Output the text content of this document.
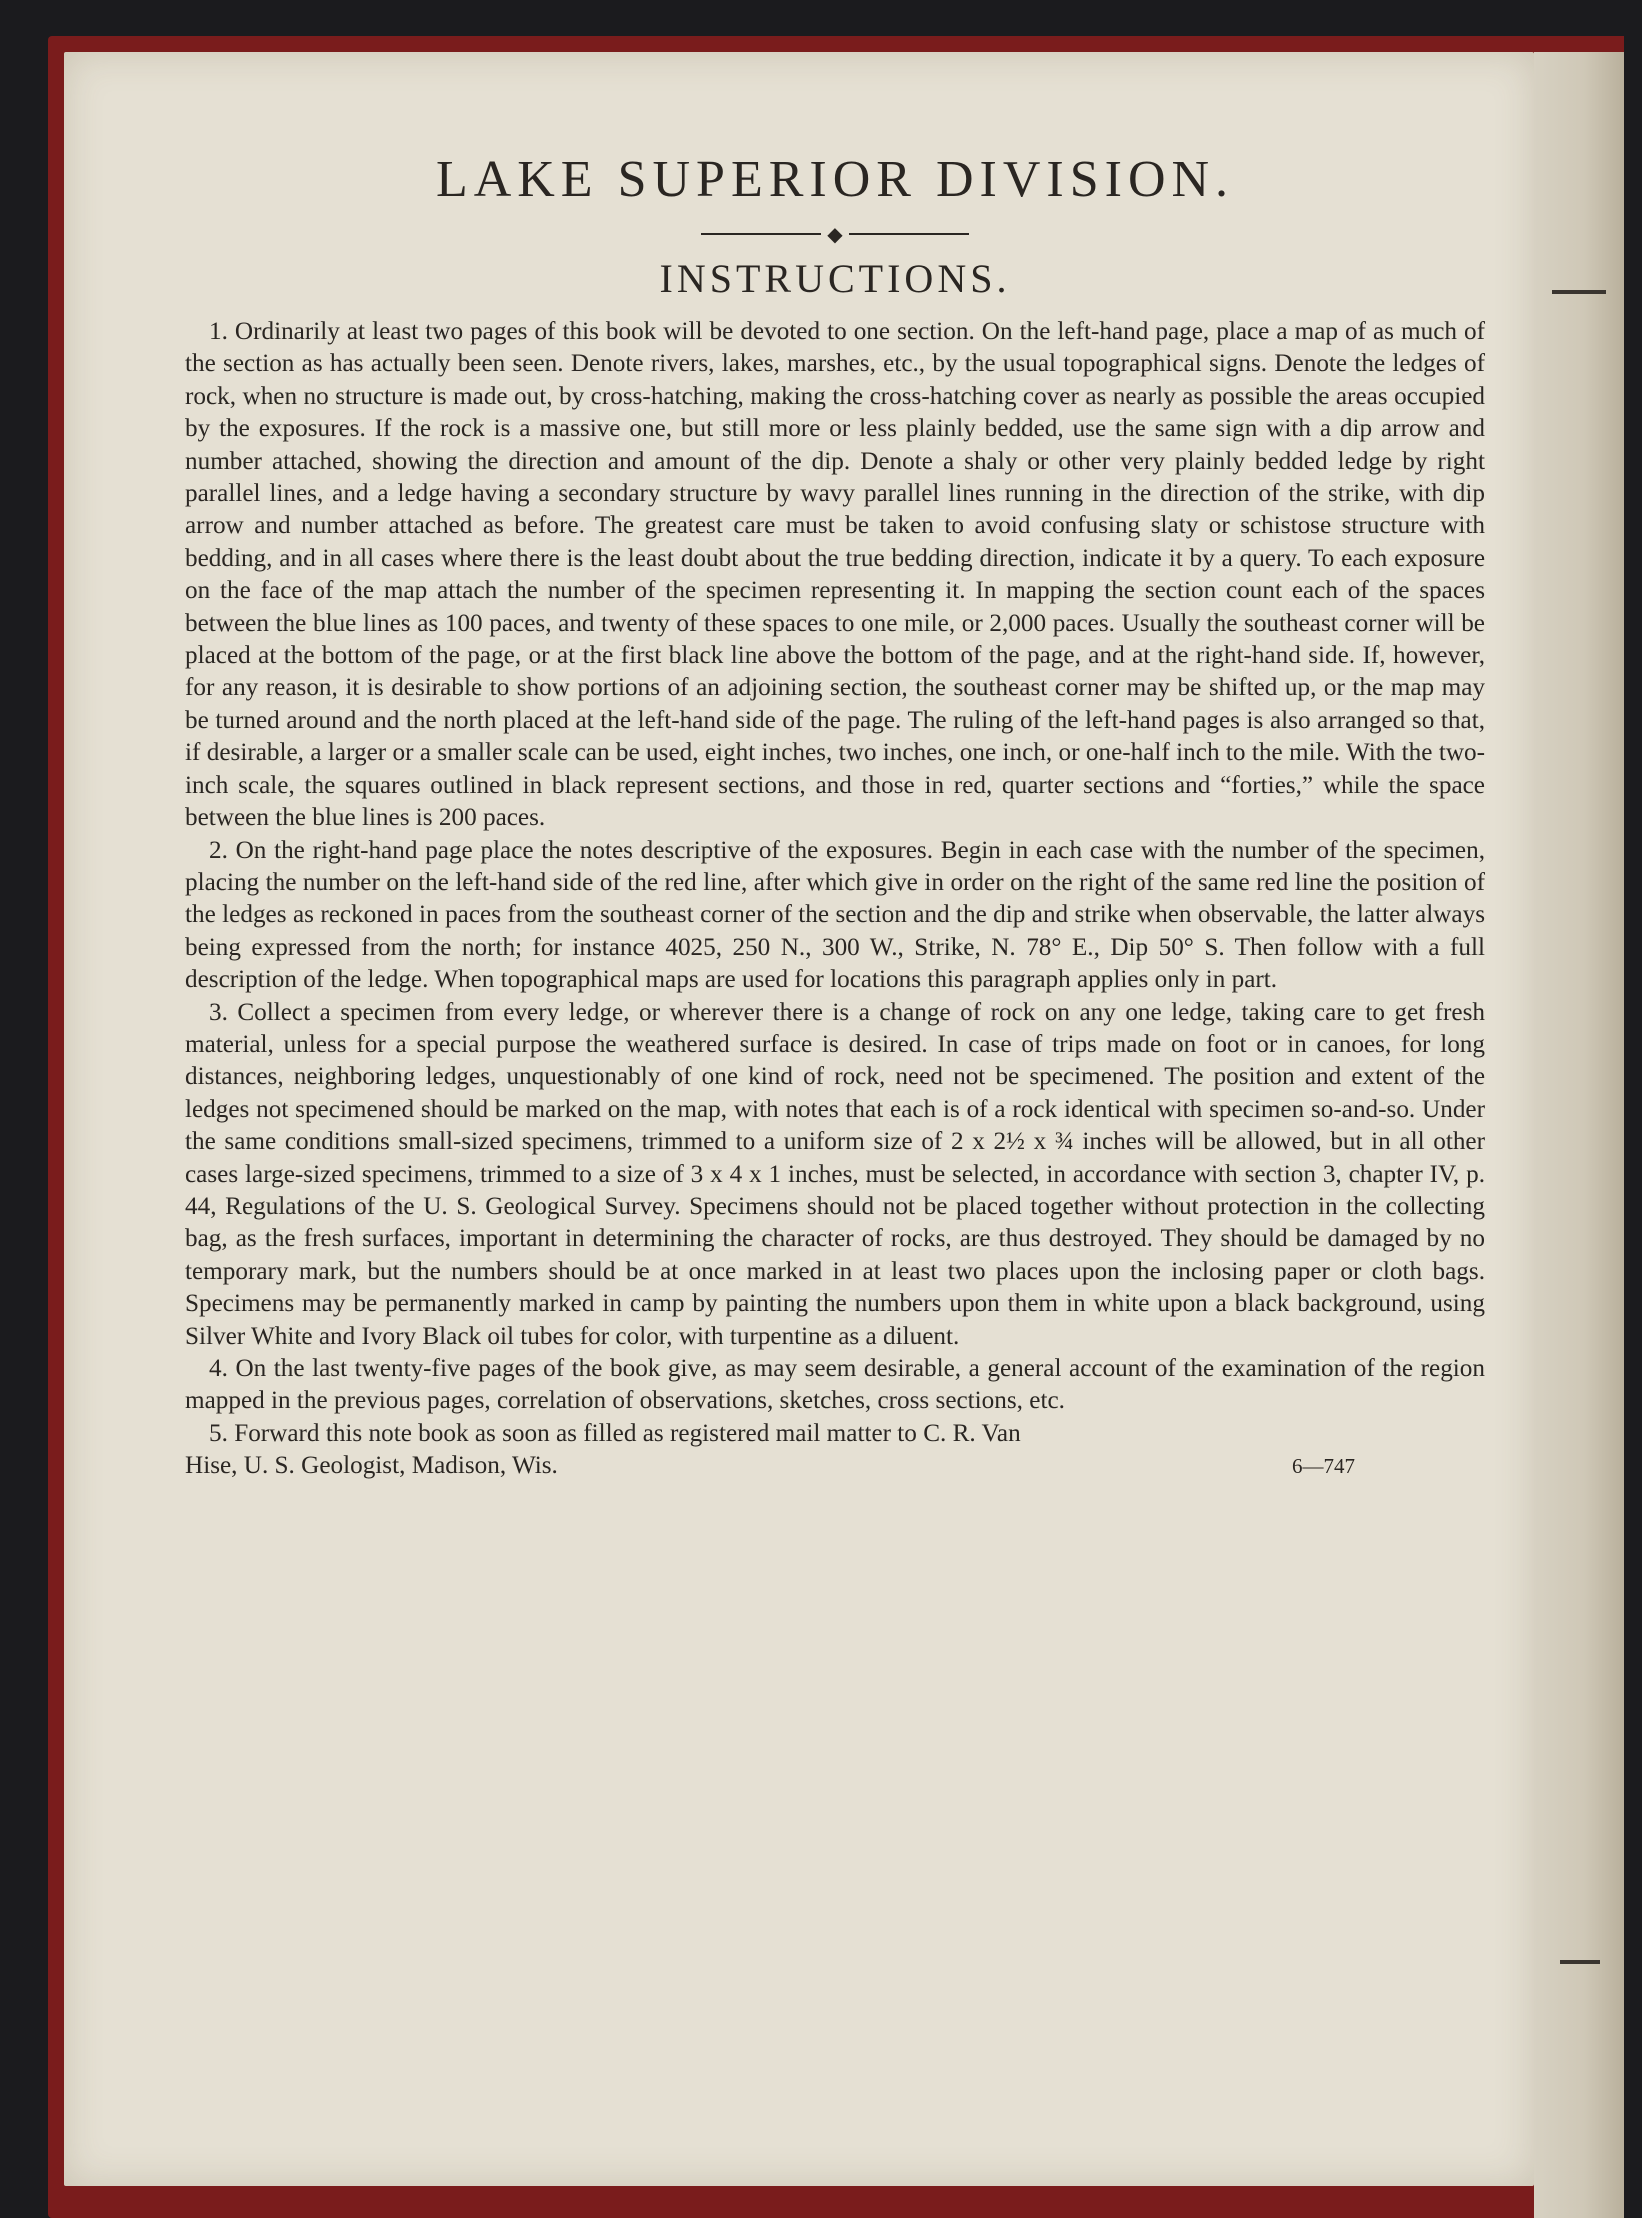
LAKE SUPERIOR DIVISION.
◆
INSTRUCTIONS.

1. Ordinarily at least two pages of this book will be devoted to one section. On the left-hand page, place a map of as much of the section as has actually been seen. Denote rivers, lakes, marshes, etc., by the usual topographical signs. Denote the ledges of rock, when no structure is made out, by cross-hatching, making the cross-hatching cover as nearly as possible the areas occupied by the exposures. If the rock is a massive one, but still more or less plainly bedded, use the same sign with a dip arrow and number attached, showing the direction and amount of the dip. Denote a shaly or other very plainly bedded ledge by right parallel lines, and a ledge having a secondary structure by wavy parallel lines running in the direction of the strike, with dip arrow and number attached as before. The greatest care must be taken to avoid confusing slaty or schistose structure with bedding, and in all cases where there is the least doubt about the true bedding direction, indicate it by a query. To each exposure on the face of the map attach the number of the specimen representing it. In mapping the section count each of the spaces between the blue lines as 100 paces, and twenty of these spaces to one mile, or 2,000 paces. Usually the southeast corner will be placed at the bottom of the page, or at the first black line above the bottom of the page, and at the right-hand side. If, however, for any reason, it is desirable to show portions of an adjoining section, the southeast corner may be shifted up, or the map may be turned around and the north placed at the left-hand side of the page. The ruling of the left-hand pages is also arranged so that, if desirable, a larger or a smaller scale can be used, eight inches, two inches, one inch, or one-half inch to the mile. With the two-inch scale, the squares outlined in black represent sections, and those in red, quarter sections and “forties,” while the space between the blue lines is 200 paces.

2. On the right-hand page place the notes descriptive of the exposures. Begin in each case with the number of the specimen, placing the number on the left-hand side of the red line, after which give in order on the right of the same red line the position of the ledges as reckoned in paces from the southeast corner of the section and the dip and strike when observable, the latter always being expressed from the north; for instance 4025, 250 N., 300 W., Strike, N. 78° E., Dip 50° S. Then follow with a full description of the ledge. When topographical maps are used for locations this paragraph applies only in part.

3. Collect a specimen from every ledge, or wherever there is a change of rock on any one ledge, taking care to get fresh material, unless for a special purpose the weathered surface is desired. In case of trips made on foot or in canoes, for long distances, neighboring ledges, unquestionably of one kind of rock, need not be specimened. The position and extent of the ledges not specimened should be marked on the map, with notes that each is of a rock identical with specimen so-and-so. Under the same conditions small-sized specimens, trimmed to a uniform size of 2 x 2½ x ¾ inches will be allowed, but in all other cases large-sized specimens, trimmed to a size of 3 x 4 x 1 inches, must be selected, in accordance with section 3, chapter IV, p. 44, Regulations of the U. S. Geological Survey. Specimens should not be placed together without protection in the collecting bag, as the fresh surfaces, important in determining the character of rocks, are thus destroyed. They should be damaged by no temporary mark, but the numbers should be at once marked in at least two places upon the inclosing paper or cloth bags. Specimens may be permanently marked in camp by painting the numbers upon them in white upon a black background, using Silver White and Ivory Black oil tubes for color, with turpentine as a diluent.

4. On the last twenty-five pages of the book give, as may seem desirable, a general account of the examination of the region mapped in the previous pages, correlation of observations, sketches, cross sections, etc.

5. Forward this note book as soon as filled as registered mail matter to C. R. Van

Hise, U. S. Geologist, Madison, Wis.	6—747
